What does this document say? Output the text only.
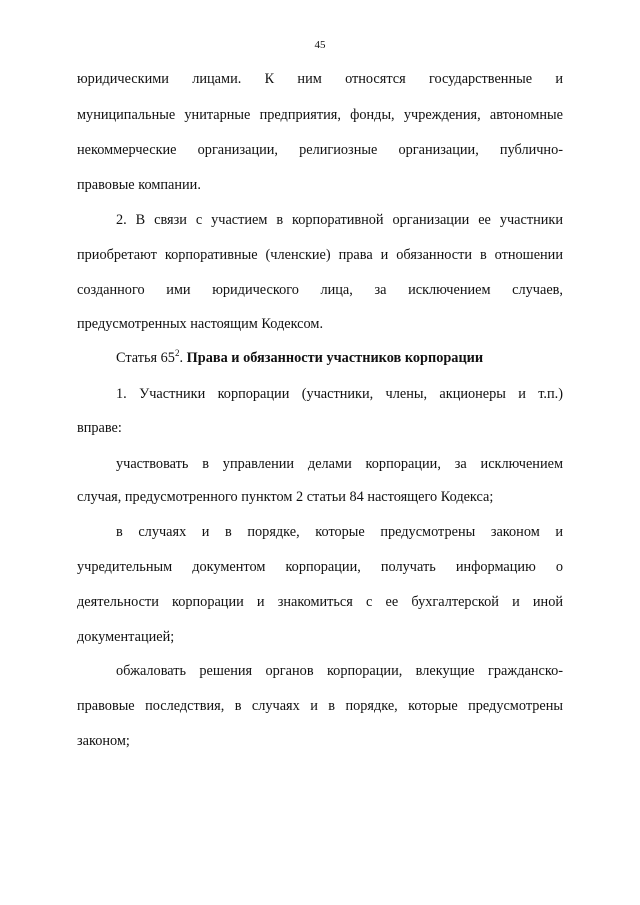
45

юридическими лицами. К ним относятся государственные и

муниципальные унитарные предприятия, фонды, учреждения, автономные

некоммерческие организации, религиозные организации, публично-

правовые компании.

2. В связи с участием в корпоративной организации ее участники

приобретают корпоративные (членские) права и обязанности в отношении

созданного ими юридического лица, за исключением случаев,

предусмотренных настоящим Кодексом.

Статья $65^2$. Права и обязанности участников корпорации

1. Участники корпорации (участники, члены, акционеры и т.п.)

вправе:

участвовать в управлении делами корпорации, за исключением

случая, предусмотренного пунктом 2 статьи 84 настоящего Кодекса;

в случаях и в порядке, которые предусмотрены законом и

учредительным документом корпорации, получать информацию о

деятельности корпорации и знакомиться с ее бухгалтерской и иной

документацией;

обжаловать решения органов корпорации, влекущие гражданско-

правовые последствия, в случаях и в порядке, которые предусмотрены

законом;
